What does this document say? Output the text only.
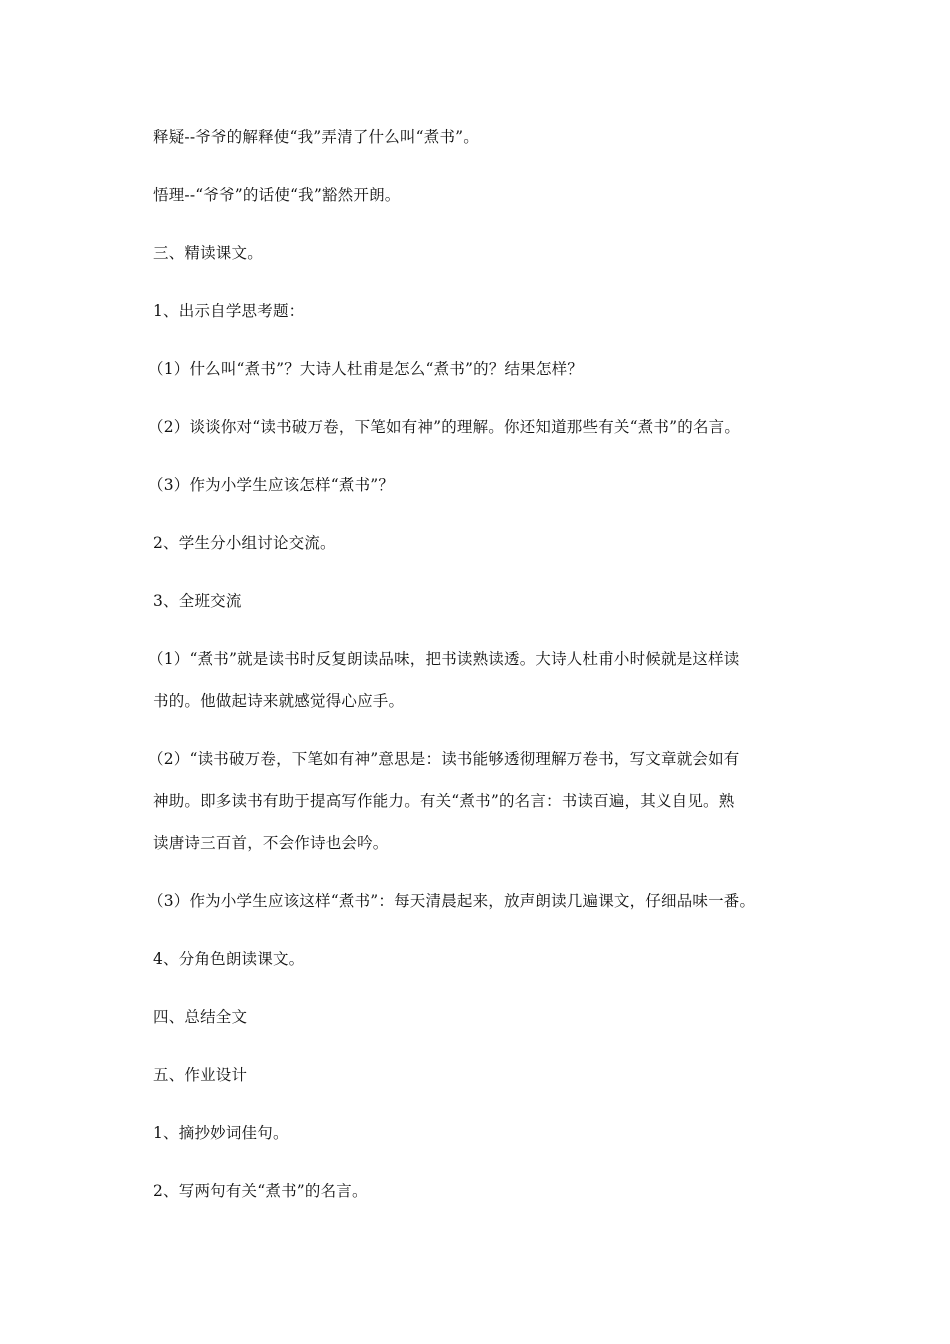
释疑--爷爷的解释使“我”弄清了什么叫“煮书”。
悟理--“爷爷”的话使“我”豁然开朗。
三、精读课文。
1、出示自学思考题：
（1）什么叫“煮书”？大诗人杜甫是怎么“煮书”的？结果怎样？
（2）谈谈你对“读书破万卷，下笔如有神”的理解。你还知道那些有关“煮书”的名言。
（3）作为小学生应该怎样“煮书”？
2、学生分小组讨论交流。
3、全班交流
（1）“煮书”就是读书时反复朗读品味，把书读熟读透。大诗人杜甫小时候就是这样读
书的。他做起诗来就感觉得心应手。
（2）“读书破万卷，下笔如有神”意思是：读书能够透彻理解万卷书，写文章就会如有
神助。即多读书有助于提高写作能力。有关“煮书”的名言：书读百遍，其义自见。熟
读唐诗三百首，不会作诗也会吟。
（3）作为小学生应该这样“煮书”：每天清晨起来，放声朗读几遍课文，仔细品味一番。
4、分角色朗读课文。
四、总结全文
五、作业设计
1、摘抄妙词佳句。
2、写两句有关“煮书”的名言。
